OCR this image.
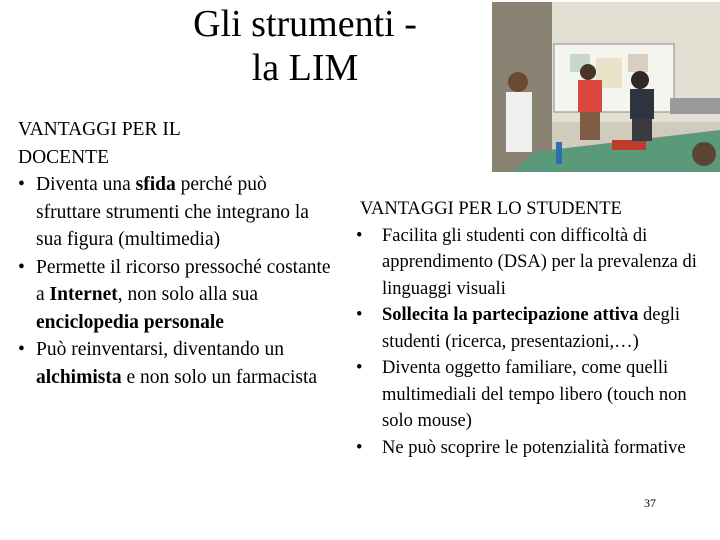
Gli strumenti -
la LIM
VANTAGGI PER IL
DOCENTE
• Diventa una sfida perché può sfruttare strumenti che integrano la sua figura (multimedia)
• Permette il ricorso pressoché costante a Internet, non solo alla sua enciclopedia personale
• Può reinventarsi, diventando un alchimista e non solo un farmacista
VANTAGGI PER LO STUDENTE
• Facilita gli studenti con difficoltà di apprendimento (DSA) per la prevalenza di linguaggi visuali
• Sollecita la partecipazione attiva degli studenti (ricerca, presentazioni,…)
• Diventa oggetto familiare, come quelli multimediali del tempo libero (touch non solo mouse)
• Ne può scoprire le potenzialità formative
37
